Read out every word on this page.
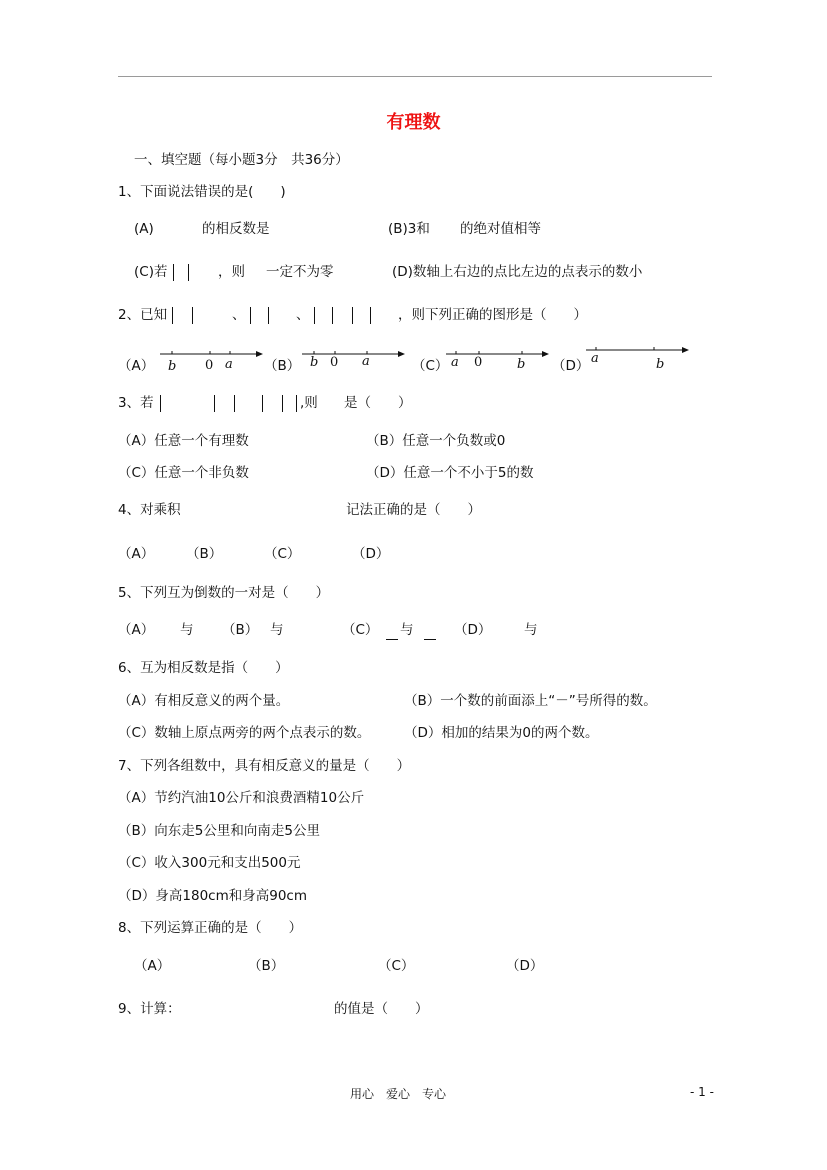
有理数
一、填空题（每小题3分　共36分）
1、下面说法错误的是(　　)
(A)	的相反数是	(B)3和 的绝对值相等
(C)若	，则 一定不为零	(D)数轴上右边的点比左边的点表示的数小
2、已知	、	、	，则下列正确的图形是（　　）
（A） b 0 a （B） b 0 a	（C） a 0	b （D） a	b
3、若	,则 是（　　）
（A）任意一个有理数	（B）任意一个负数或0
（C）任意一个非负数	（D）任意一个不小于5的数
4、对乘积	记法正确的是（　　）
（A） （B）	（C）	（D）
5、下列互为倒数的一对是（　　）
（A） 与 （B） 与	（C） 与	（D） 与
6、互为相反数是指（　　）
（A）有相反意义的两个量。	（B）一个数的前面添上“－”号所得的数。
（C）数轴上原点两旁的两个点表示的数。 （D）相加的结果为0的两个数。
7、下列各组数中，具有相反意义的量是（　　）
（A）节约汽油10公斤和浪费酒精10公斤
（B）向东走5公里和向南走5公里
（C）收入300元和支出500元
（D）身高180cm和身高90cm
8、下列运算正确的是（　　）
（A）	（B）	（C）	（D）
9、计算：	的值是（　　）
用心　爱心　专心	- 1 -
